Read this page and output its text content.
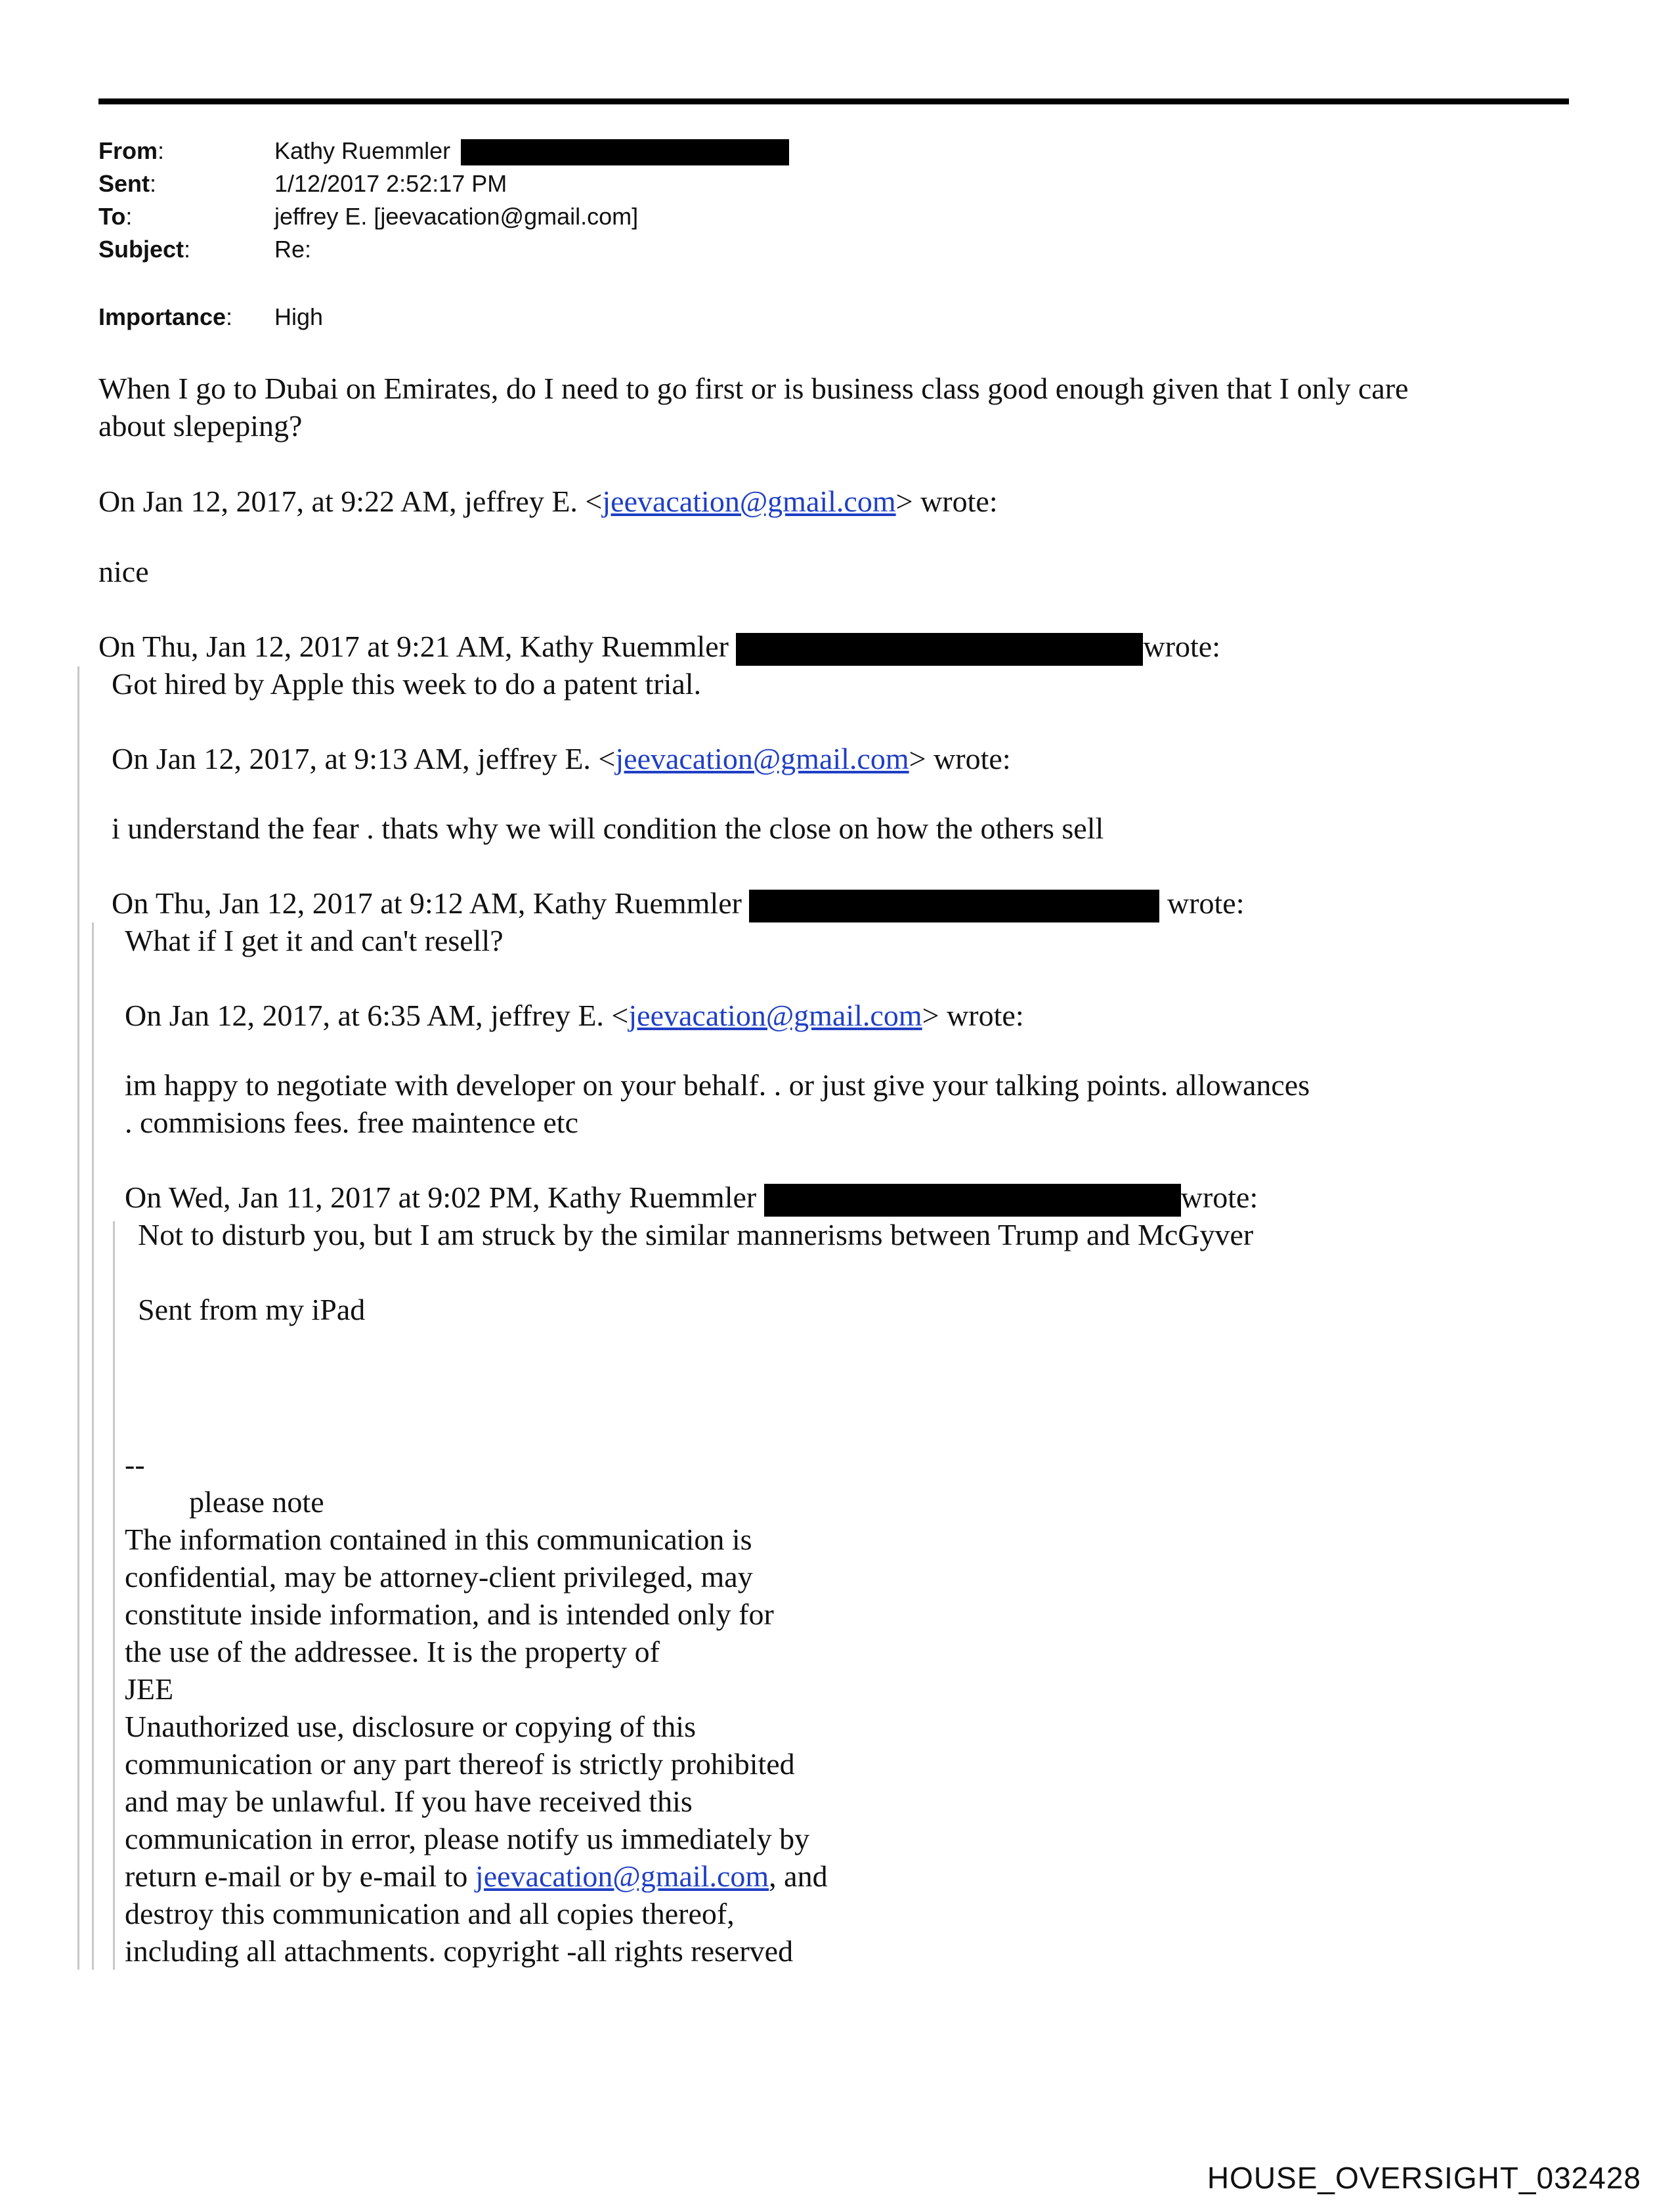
From:	Kathy Ruemmler
Sent:	1/12/2017 2:52:17 PM
To:	jeffrey E. [jeevacation@gmail.com]
Subject:	Re:
Importance: High
When I go to Dubai on Emirates, do I need to go first or is business class good enough given that I only care
about slepeping?
On Jan 12, 2017, at 9:22 AM, jeffrey E. <jeevacation@gmail.com> wrote:
nice
On Thu, Jan 12, 2017 at 9:21 AM, Kathy Ruemmler	wrote:
Got hired by Apple this week to do a patent trial.
On Jan 12, 2017, at 9:13 AM, jeffrey E. <jeevacation@gmail.com> wrote:
i understand the fear . thats why we will condition the close on how the others sell
On Thu, Jan 12, 2017 at 9:12 AM, Kathy Ruemmler	wrote:
What if I get it and can't resell?
On Jan 12, 2017, at 6:35 AM, jeffrey E. <jeevacation@gmail.com> wrote:
im happy to negotiate with developer on your behalf. . or just give your talking points. allowances
. commisions fees. free maintence etc
On Wed, Jan 11, 2017 at 9:02 PM, Kathy Ruemmler	wrote:
Not to disturb you, but I am struck by the similar mannerisms between Trump and McGyver
Sent from my iPad
--
please note
The information contained in this communication is
confidential, may be attorney-client privileged, may
constitute inside information, and is intended only for
the use of the addressee. It is the property of
JEE
Unauthorized use, disclosure or copying of this
communication or any part thereof is strictly prohibited
and may be unlawful. If you have received this
communication in error, please notify us immediately by
return e-mail or by e-mail to jeevacation@gmail.com, and
destroy this communication and all copies thereof,
including all attachments. copyright -all rights reserved
HOUSE_OVERSIGHT_032428
